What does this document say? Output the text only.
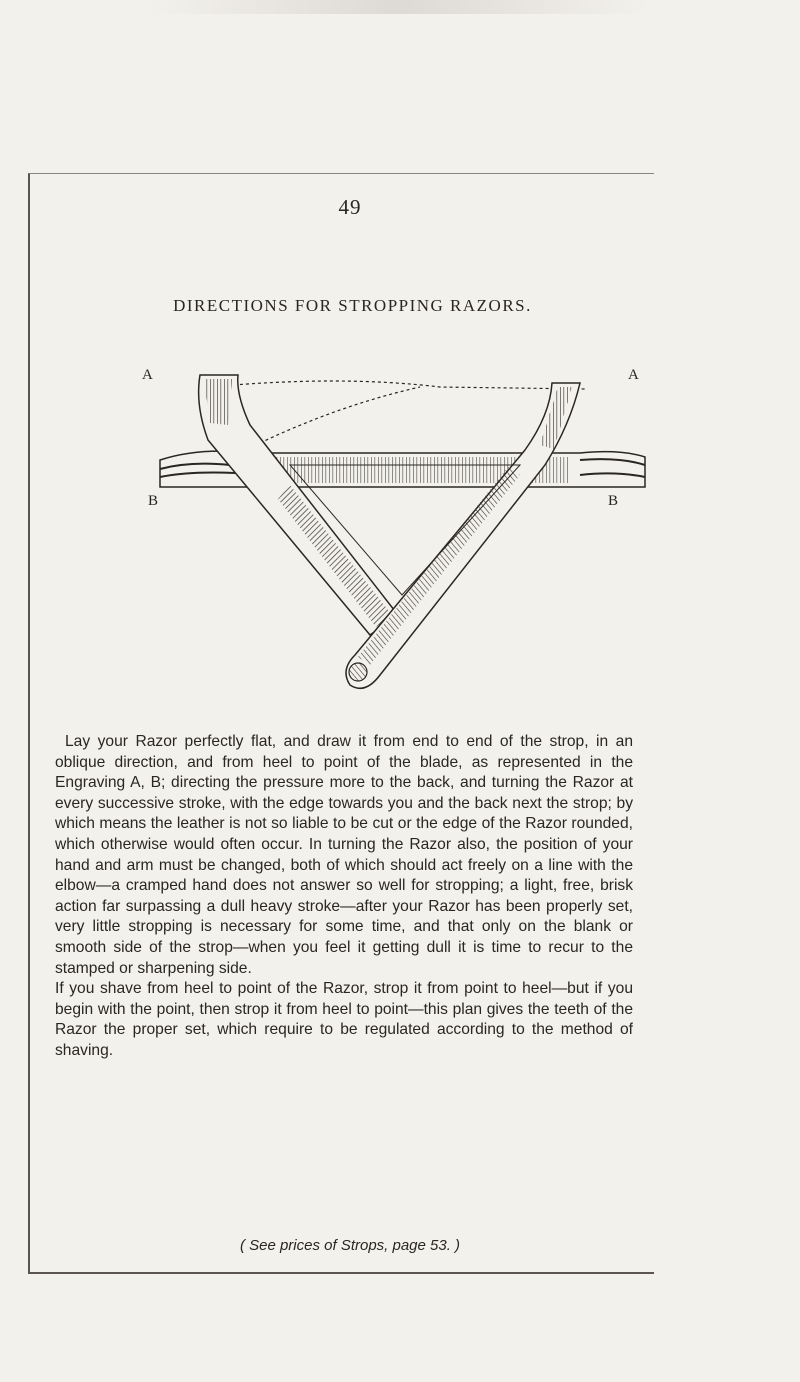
49
DIRECTIONS FOR STROPPING RAZORS.
A	A
B	B

Lay your Razor perfectly flat, and draw it from end to end of the strop, in an oblique direction, and from heel to point of the blade, as represented in the Engraving A, B; directing the pressure more to the back, and turning the Razor at every successive stroke, with the edge towards you and the back next the strop; by which means the leather is not so liable to be cut or the edge of the Razor rounded, which otherwise would often occur. In turning the Razor also, the position of your hand and arm must be changed, both of which should act freely on a line with the elbow—a cramped hand does not answer so well for stropping; a light, free, brisk action far surpassing a dull heavy stroke—after your Razor has been properly set, very little stropping is necessary for some time, and that only on the blank or smooth side of the strop—when you feel it getting dull it is time to recur to the stamped or sharpening side.

If you shave from heel to point of the Razor, strop it from point to heel—but if you begin with the point, then strop it from heel to point—this plan gives the teeth of the Razor the proper set, which require to be regulated according to the method of shaving.

( See prices of Strops, page 53. )
